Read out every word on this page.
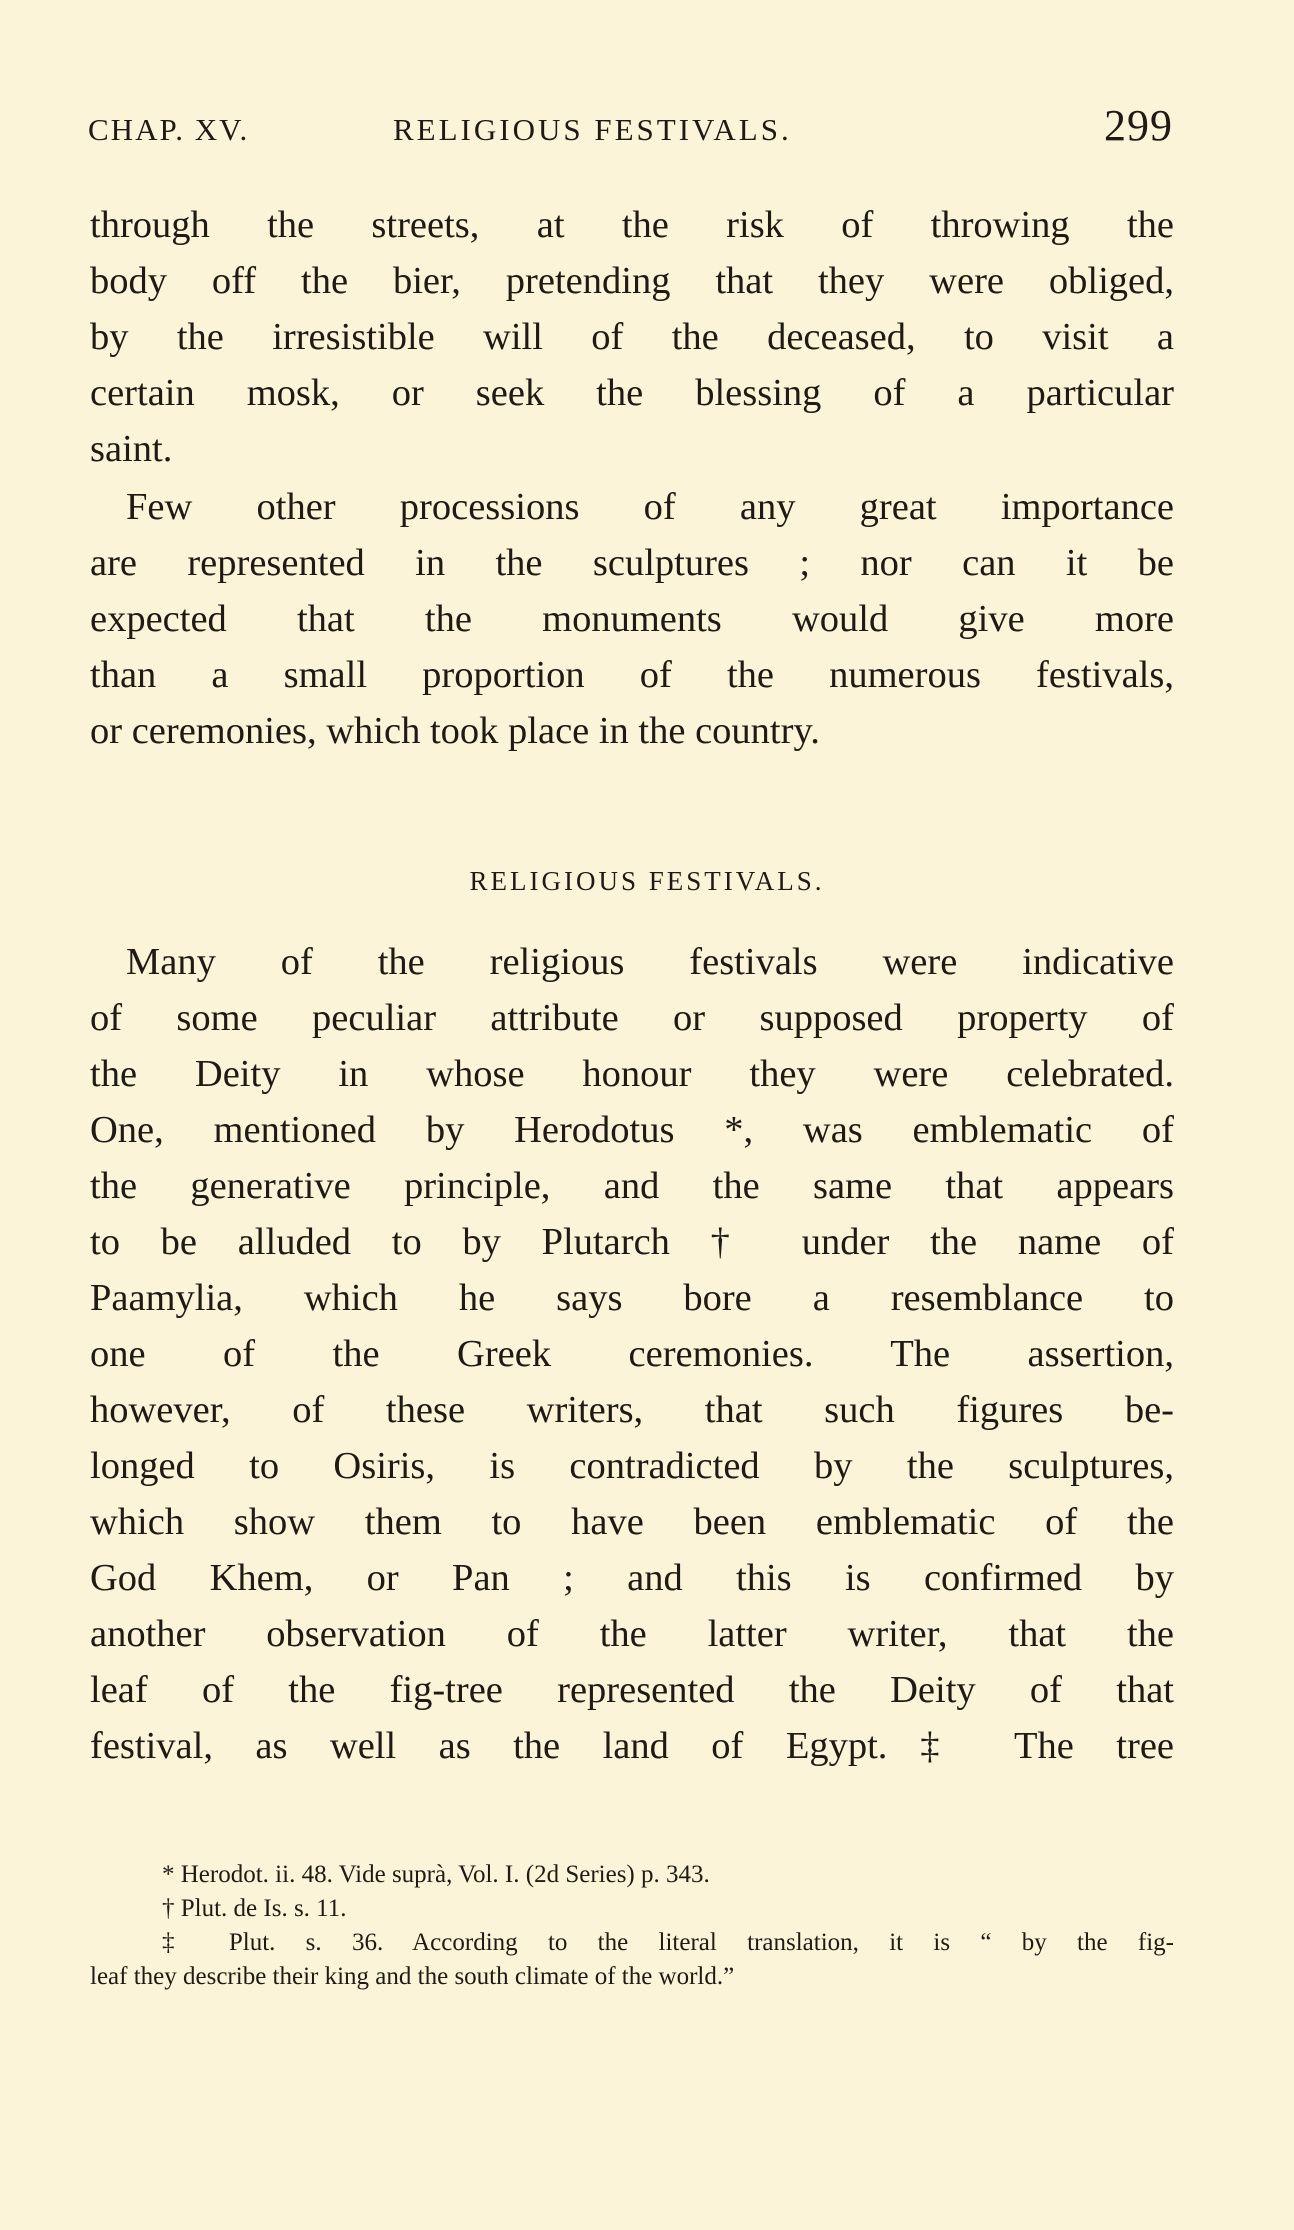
CHAP. XV.	RELIGIOUS FESTIVALS.	299
through the streets, at the risk of throwing the
body off the bier, pretending that they were obliged,
by the irresistible will of the deceased, to visit a
certain mosk, or seek the blessing of a particular
saint.
Few other processions of any great importance
are represented in the sculptures ; nor can it be
expected that the monuments would give more
than a small proportion of the numerous festivals,
or ceremonies, which took place in the country.
RELIGIOUS FESTIVALS.
Many of the religious festivals were indicative
of some peculiar attribute or supposed property of
the Deity in whose honour they were celebrated.
One, mentioned by Herodotus *, was emblematic of
the generative principle, and the same that appears
to be alluded to by Plutarch † under the name of
Paamylia, which he says bore a resemblance to
one of the Greek ceremonies. The assertion,
however, of these writers, that such figures be-
longed to Osiris, is contradicted by the sculptures,
which show them to have been emblematic of the
God Khem, or Pan ; and this is confirmed by
another observation of the latter writer, that the
leaf of the fig-tree represented the Deity of that
festival, as well as the land of Egypt.‡ The tree
* Herodot. ii. 48. Vide suprà, Vol. I. (2d Series) p. 343.
† Plut. de Is. s. 11.
‡ Plut. s. 36. According to the literal translation, it is “ by the fig-
leaf they describe their king and the south climate of the world.”
